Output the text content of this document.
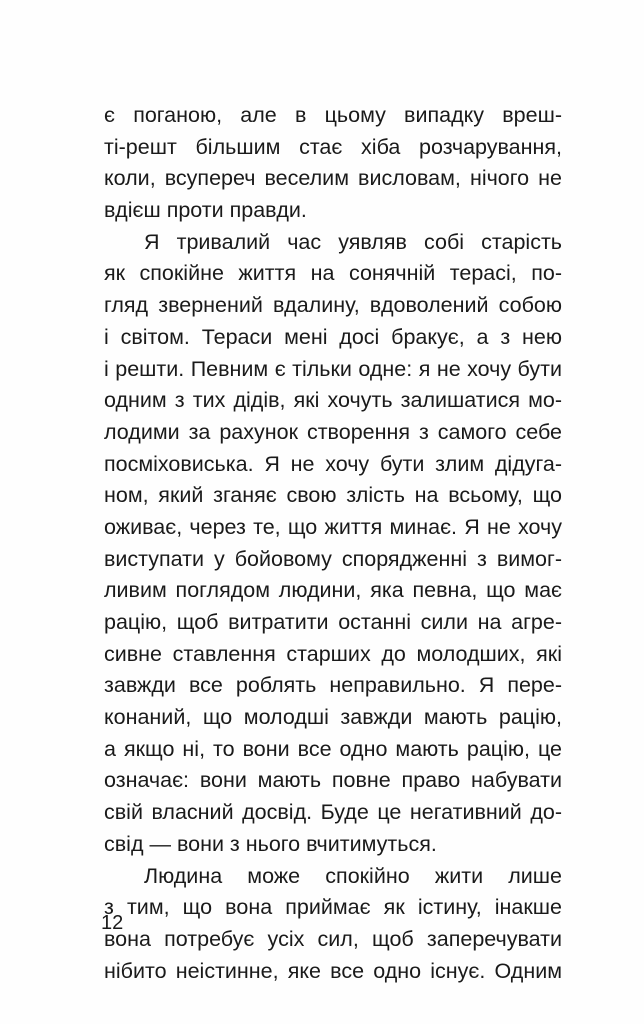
є поганою, але в цьому випадку вреш-
ті-решт більшим стає хіба розчарування,
коли, всупереч веселим висловам, нічого не
вдієш проти правди.
Я тривалий час уявляв собі старість
як спокійне життя на сонячній терасі, по-
гляд звернений вдалину, вдоволений собою
і світом. Тераси мені досі бракує, а з нею
і решти. Певним є тільки одне: я не хочу бути
одним з тих дідів, які хочуть залишатися мо-
лодими за рахунок створення з самого себе
посміховиська. Я не хочу бути злим дідуга-
ном, який зганяє свою злість на всьому, що
оживає, через те, що життя минає. Я не хочу
виступати у бойовому спорядженні з вимог-
ливим поглядом людини, яка певна, що має
рацію, щоб витратити останні сили на агре-
сивне ставлення старших до молодших, які
завжди все роблять неправильно. Я пере-
конаний, що молодші завжди мають рацію,
а якщо ні, то вони все одно мають рацію, це
означає: вони мають повне право набувати
свій власний досвід. Буде це негативний до-
свід — вони з нього вчитимуться.
Людина може спокійно жити лише
з тим, що вона приймає як істину, інакше
вона потребує усіх сил, щоб заперечувати
нібито неістинне, яке все одно існує. Одним
12
